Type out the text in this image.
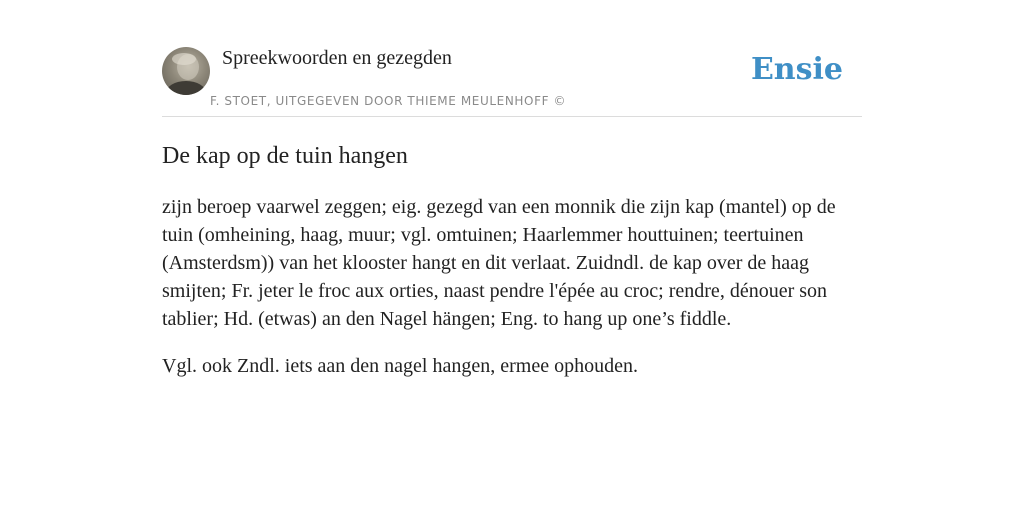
Spreekwoorden en gezegden
F. STOET, UITGEGEVEN DOOR THIEME MEULENHOFF ©
Ensie
De kap op de tuin hangen

zijn beroep vaarwel zeggen; eig. gezegd van een monnik die zijn kap (mantel) op de tuin (omheining, haag, muur; vgl. omtuinen; Haarlemmer houttuinen; teertuinen (Amsterdsm)) van het klooster hangt en dit verlaat. Zuidndl. de kap over de haag smijten; Fr. jeter le froc aux orties, naast pendre l'épée au croc; rendre, dénouer son tablier; Hd. (etwas) an den Nagel hängen; Eng. to hang up one’s fiddle.

Vgl. ook Zndl. iets aan den nagel hangen, ermee ophouden.
